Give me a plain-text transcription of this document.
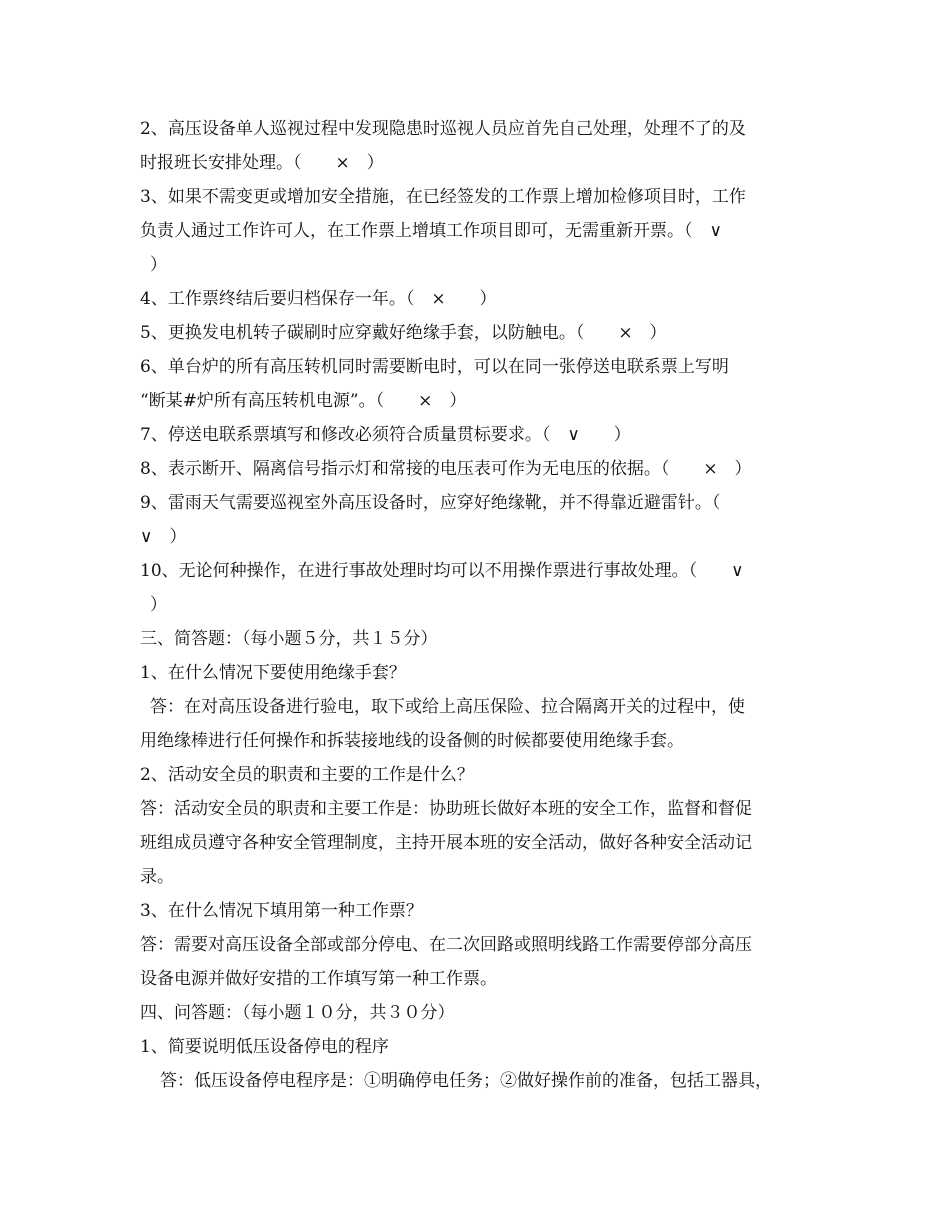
2、高压设备单人巡视过程中发现隐患时巡视人员应首先自己处理，处理不了的及
时报班长安排处理。（　　×　）
3、如果不需变更或增加安全措施，在已经签发的工作票上增加检修项目时，工作
负责人通过工作许可人，在工作票上增填工作项目即可，无需重新开票。（　∨
）
4、工作票终结后要归档保存一年。（　×　　）
5、更换发电机转子碳刷时应穿戴好绝缘手套，以防触电。（　　×　）
6、单台炉的所有高压转机同时需要断电时，可以在同一张停送电联系票上写明
“断某#炉所有高压转机电源”。（　　×　）
7、停送电联系票填写和修改必须符合质量贯标要求。（　∨　　）
8、表示断开、隔离信号指示灯和常接的电压表可作为无电压的依据。（　　×　）
9、雷雨天气需要巡视室外高压设备时，应穿好绝缘靴，并不得靠近避雷针。（
∨　）
10、无论何种操作，在进行事故处理时均可以不用操作票进行事故处理。（　　∨
）
三、简答题：（每小题５分，共１５分）
1、在什么情况下要使用绝缘手套？
答：在对高压设备进行验电，取下或给上高压保险、拉合隔离开关的过程中，使
用绝缘棒进行任何操作和拆装接地线的设备侧的时候都要使用绝缘手套。
2、活动安全员的职责和主要的工作是什么？
答：活动安全员的职责和主要工作是：协助班长做好本班的安全工作，监督和督促
班组成员遵守各种安全管理制度，主持开展本班的安全活动，做好各种安全活动记
录。
3、在什么情况下填用第一种工作票？
答：需要对高压设备全部或部分停电、在二次回路或照明线路工作需要停部分高压
设备电源并做好安措的工作填写第一种工作票。
四、问答题：（每小题１０分，共３０分）
1、简要说明低压设备停电的程序
答：低压设备停电程序是：①明确停电任务；②做好操作前的准备，包括工器具，
